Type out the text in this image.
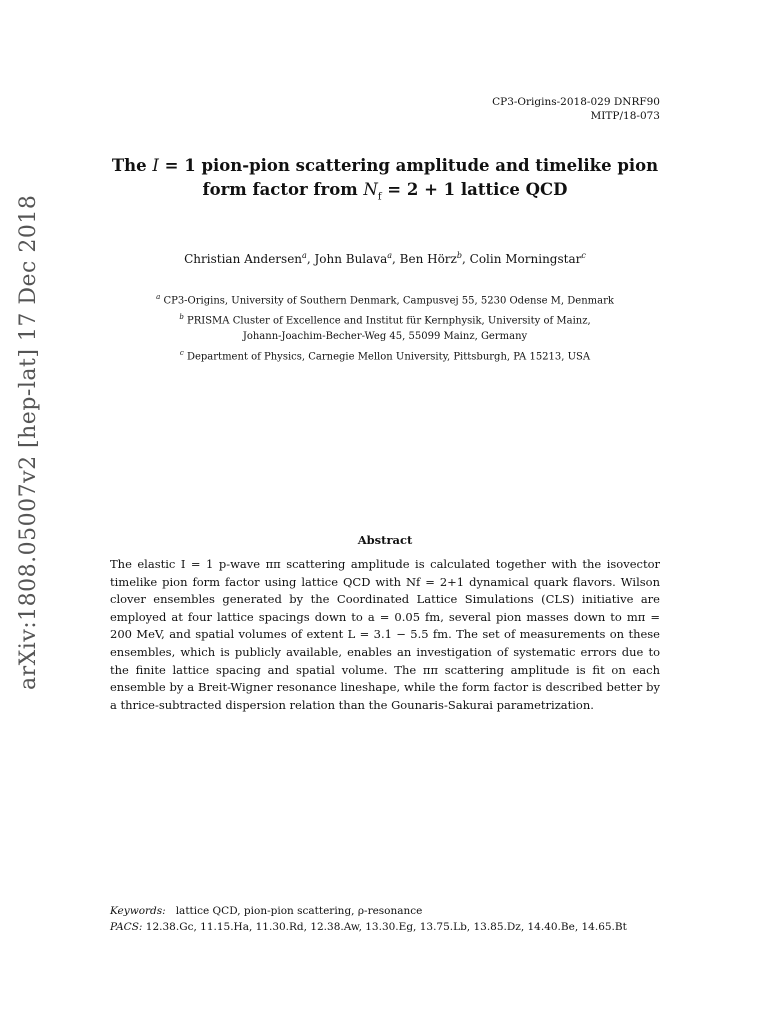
CP3-Origins-2018-029 DNRF90
MITP/18-073
The I = 1 pion-pion scattering amplitude and timelike pion
form factor from $N_f = 2 + 1$ lattice QCD
Christian Andersen$^a$, John Bulava$^a$, Ben Hörz$^b$, Colin Morningstar$^c$
$^a$ CP3-Origins, University of Southern Denmark, Campusvej 55, 5230 Odense M, Denmark
$^b$ PRISMA Cluster of Excellence and Institut für Kernphysik, University of Mainz,
Johann-Joachim-Becher-Weg 45, 55099 Mainz, Germany
$^c$ Department of Physics, Carnegie Mellon University, Pittsburgh, PA 15213, USA
arXiv:1808.05007v2 [hep-lat] 17 Dec 2018	Abstract
The elastic I = 1 p-wave ππ scattering amplitude is calculated together with the isovector timelike pion form factor using lattice QCD with Nf = 2+1 dynamical quark flavors. Wilson clover ensembles generated by the Coordinated Lattice Simulations (CLS) initiative are employed at four lattice spacings down to a = 0.05 fm, several pion masses down to mπ = 200 MeV, and spatial volumes of extent L = 3.1 − 5.5 fm. The set of measurements on these ensembles, which is publicly available, enables an investigation of systematic errors due to the finite lattice spacing and spatial volume. The ππ scattering amplitude is fit on each ensemble by a Breit-Wigner resonance lineshape, while the form factor is described better by a thrice-subtracted dispersion relation than the Gounaris-Sakurai parametrization.
Keywords: lattice QCD, pion-pion scattering, ρ-resonance
PACS: 12.38.Gc, 11.15.Ha, 11.30.Rd, 12.38.Aw, 13.30.Eg, 13.75.Lb, 13.85.Dz, 14.40.Be, 14.65.Bt
